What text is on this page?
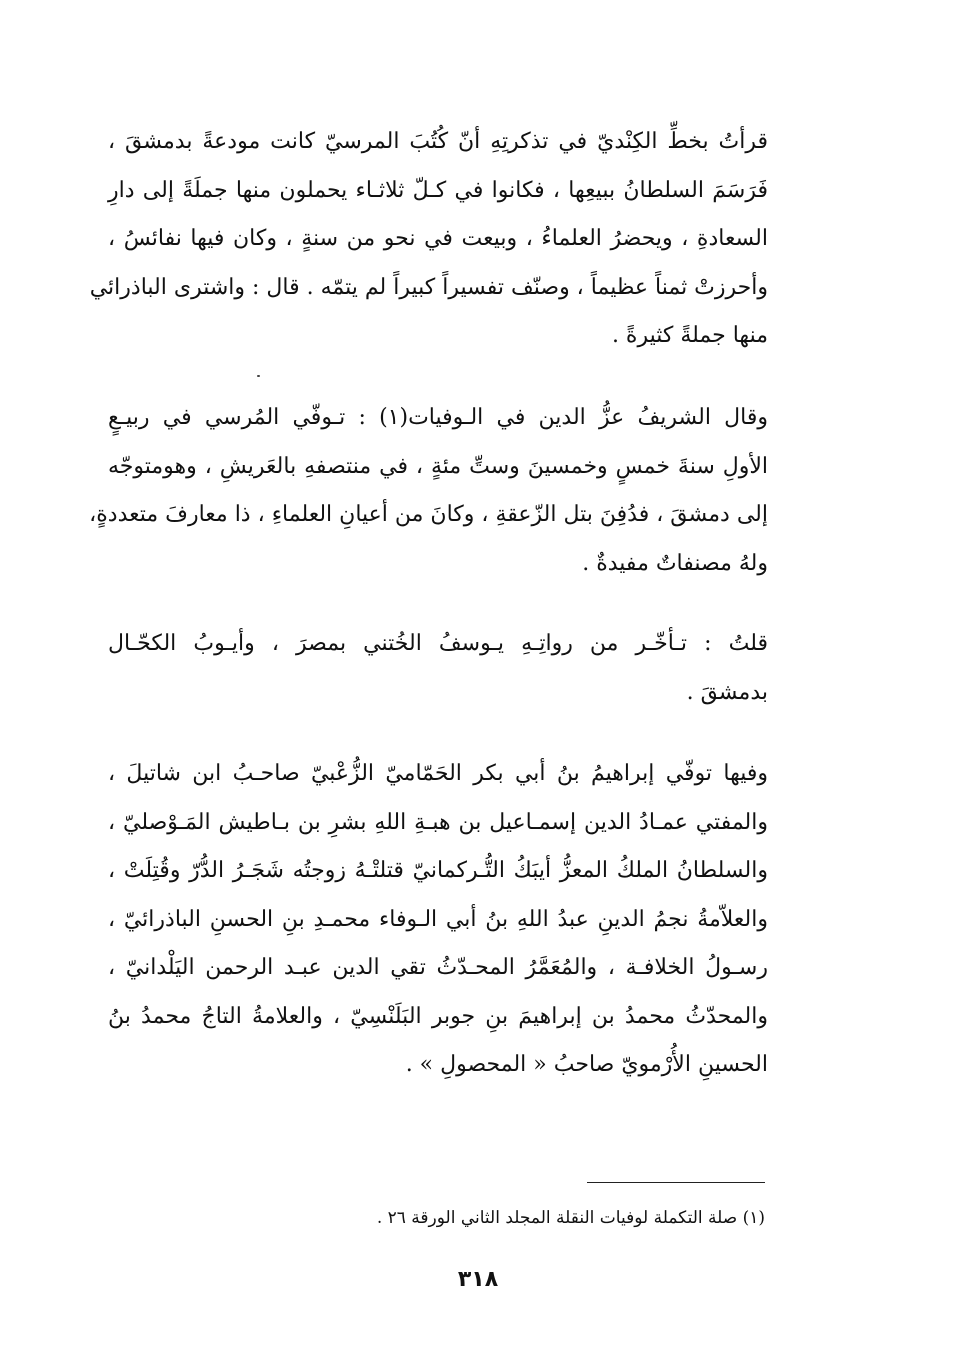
قرأتُ بخطِّ الكِنْديّ في تذكرتِهِ أنّ كُتُبَ المرسيّ كانت مودعةً بدمشقَ ،
فَرَسَمَ السلطانُ ببيعِها ، فكانوا في كـلّ ثلاثـاء يحملون منها جملَةً إلى دارِ
السعادةِ ، ويحضرُ العلماءُ ، وبيعت في نحو من سنةٍ ، وكان فيها نفائسُ ،
وأحرزتْ ثمناً عظيماً ، وصنّف تفسيراً كبيراً لم يتمّه . قال : واشترى الباذرائي
منها جملةً كثيرةً .
وقال الشريفُ عزُّ الدين في الـوفيات(١) : تـوفّي المُرسي في ربيـعٍ
الأولِ سنةَ خمسٍ وخمسينَ وستِّ مئةٍ ، في منتصفهِ بالعَريشِ ، وهومتوجّه
إلى دمشقَ ، فدُفِنَ بتل الزّعقةِ ، وكانَ من أعيانِ العلماءِ ، ذا معارفَ متعددةٍ،
ولهُ مصنفاتٌ مفيدةٌ .
قلتُ : تـأخّـر من رواتِـهِ يـوسفُ الخُتني بمصرَ ، وأيـوبُ الكحّـال
بدمشقَ .
وفيها توفّي إبراهيمُ بنُ أبي بكر الحَمّاميّ الزُّعْبيّ صاحـبُ ابن شاتيلَ ،
والمفتي عمـادُ الدين إسمـاعيل بن هبـةِ اللهِ بشرِ بن بـاطيش المَـوْصليّ ،
والسلطانُ الملكُ المعزُّ أيبَكُ التُّـركمانيّ قتلتْـهُ زوجتُه شَجَـرُ الدُّرّ وقُتِلَتْ ،
والعلاّمةُ نجمُ الدينِ عبدُ اللهِ بنُ أبي الـوفاء محمـدِ بنِ الحسنِ الباذرائيّ ،
رسـولُ الخلافـة ، والمُعَمَّرُ المحـدّثُ تقي الدين عبـد الرحمن اليَلْدانيّ ،
والمحدّثُ محمدُ بن إبراهيمَ بنِ جوبر البَلَنْسِيّ ، والعلامةُ التاجُ محمدُ بنُ
الحسينِ الأُرْمويّ صاحبُ « المحصولِ » .
(١) صلة التكملة لوفيات النقلة المجلد الثاني الورقة ٢٦ .
٣١٨
